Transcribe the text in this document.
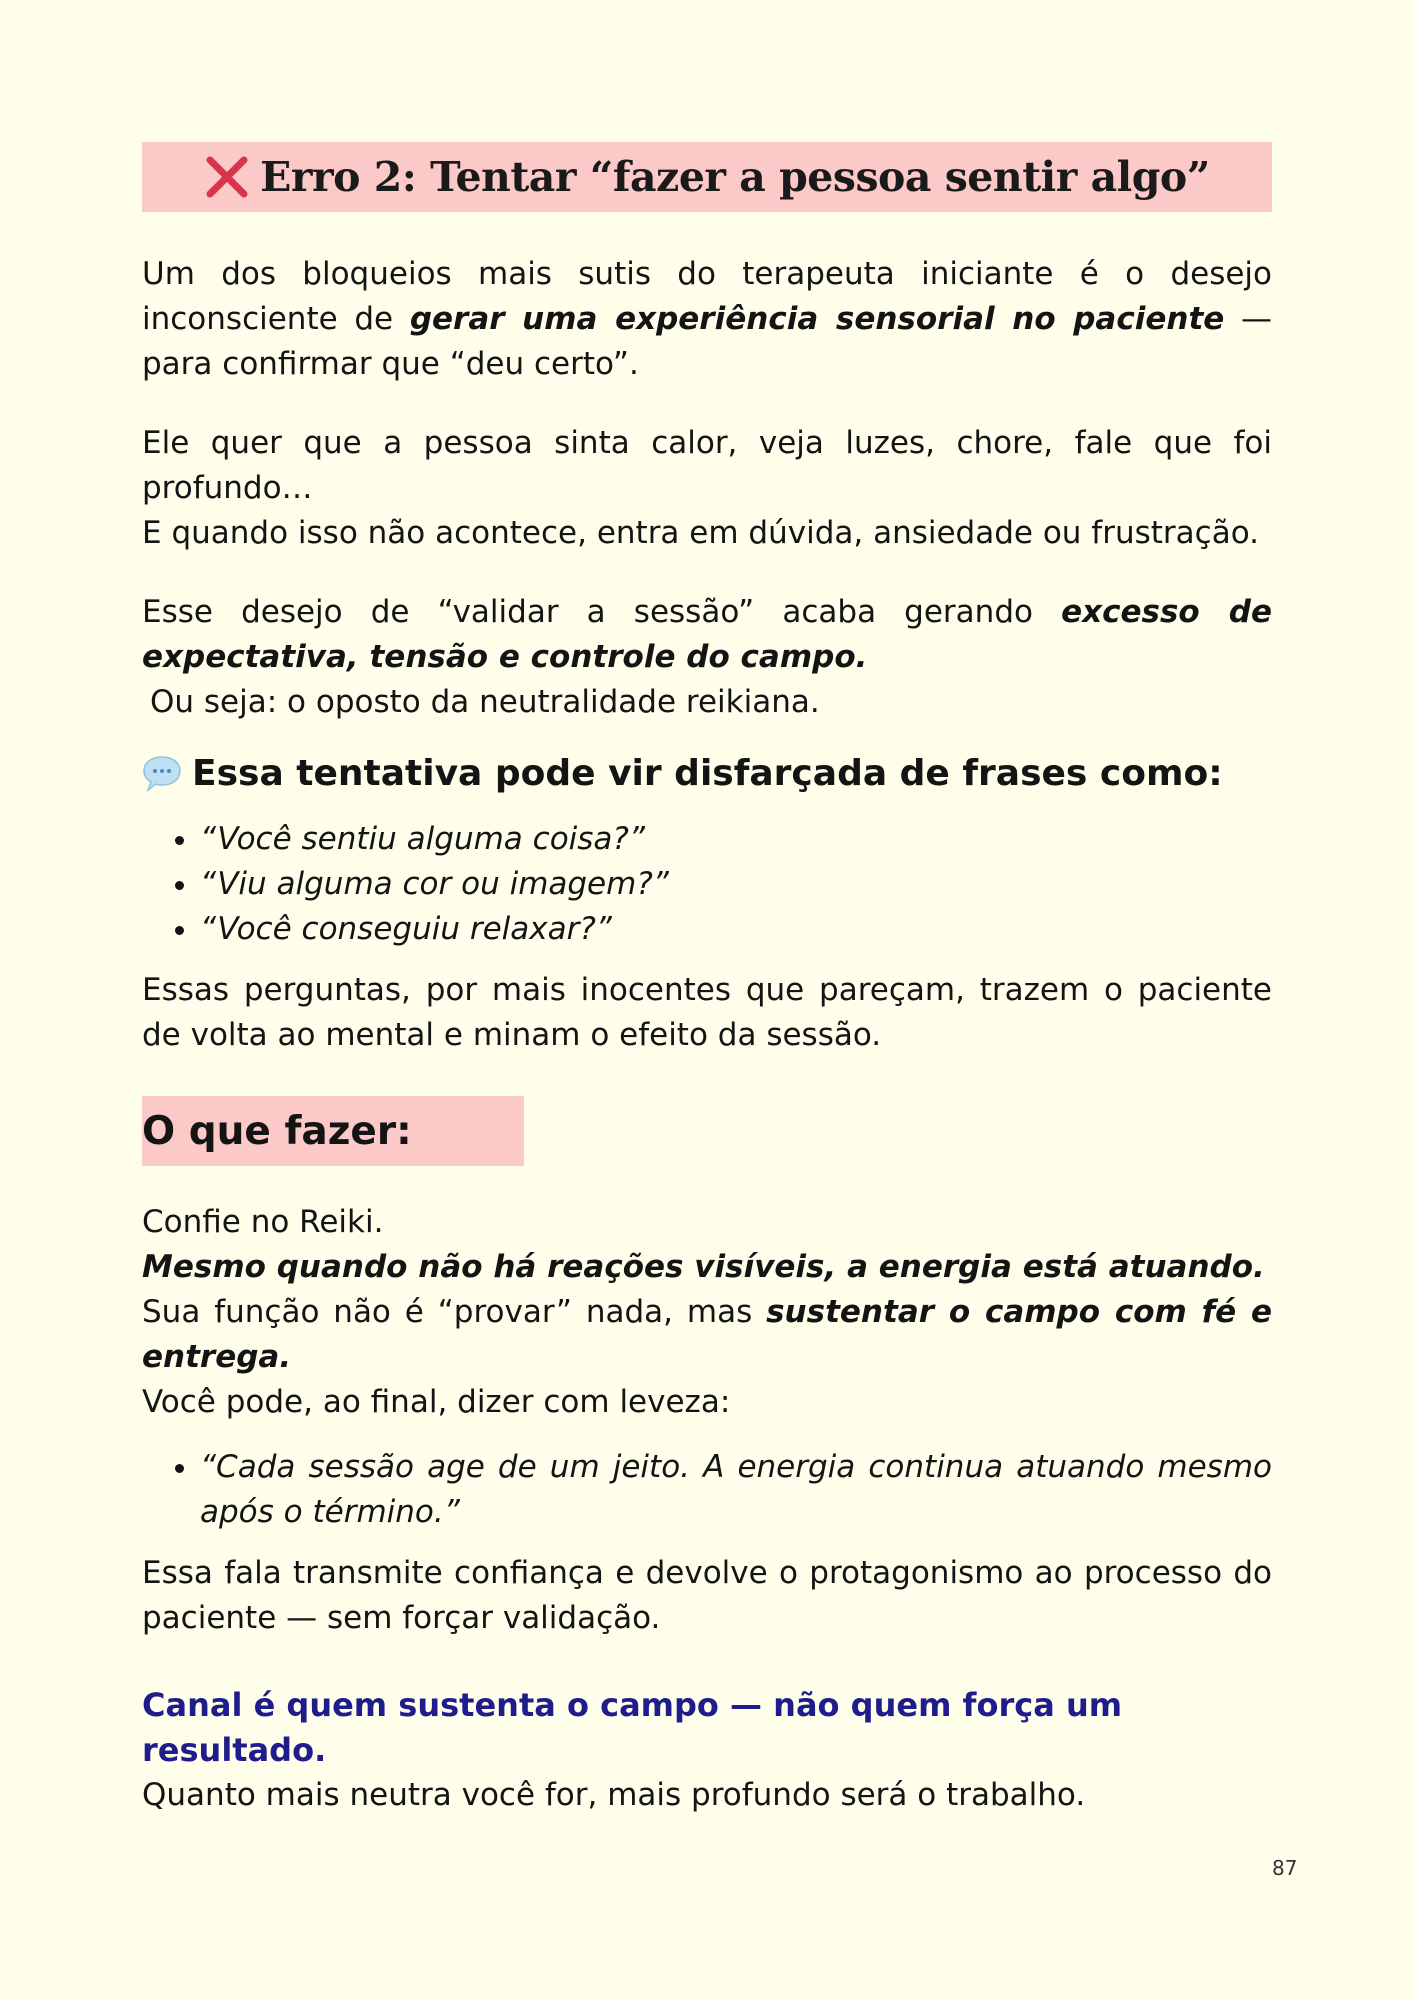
Erro 2: Tentar “fazer a pessoa sentir algo”

Um dos bloqueios mais sutis do terapeuta iniciante é o desejo inconsciente de gerar uma experiência sensorial no paciente — para confirmar que “deu certo”.

Ele quer que a pessoa sinta calor, veja luzes, chore, fale que foi profundo…

E quando isso não acontece, entra em dúvida, ansiedade ou frustração.

Esse desejo de “validar a sessão” acaba gerando excesso de expectativa, tensão e controle do campo.

Ou seja: o oposto da neutralidade reikiana.

Essa tentativa pode vir disfarçada de frases como:
• “Você sentiu alguma coisa?”
• “Viu alguma cor ou imagem?”
• “Você conseguiu relaxar?”

Essas perguntas, por mais inocentes que pareçam, trazem o paciente de volta ao mental e minam o efeito da sessão.

O que fazer:

Confie no Reiki.

Mesmo quando não há reações visíveis, a energia está atuando.

Sua função não é “provar” nada, mas sustentar o campo com fé e entrega.

Você pode, ao final, dizer com leveza:

• “Cada sessão age de um jeito. A energia continua atuando mesmo após o término.”

Essa fala transmite confiança e devolve o protagonismo ao processo do paciente — sem forçar validação.

Canal é quem sustenta o campo — não quem força um resultado.

Quanto mais neutra você for, mais profundo será o trabalho.

87
